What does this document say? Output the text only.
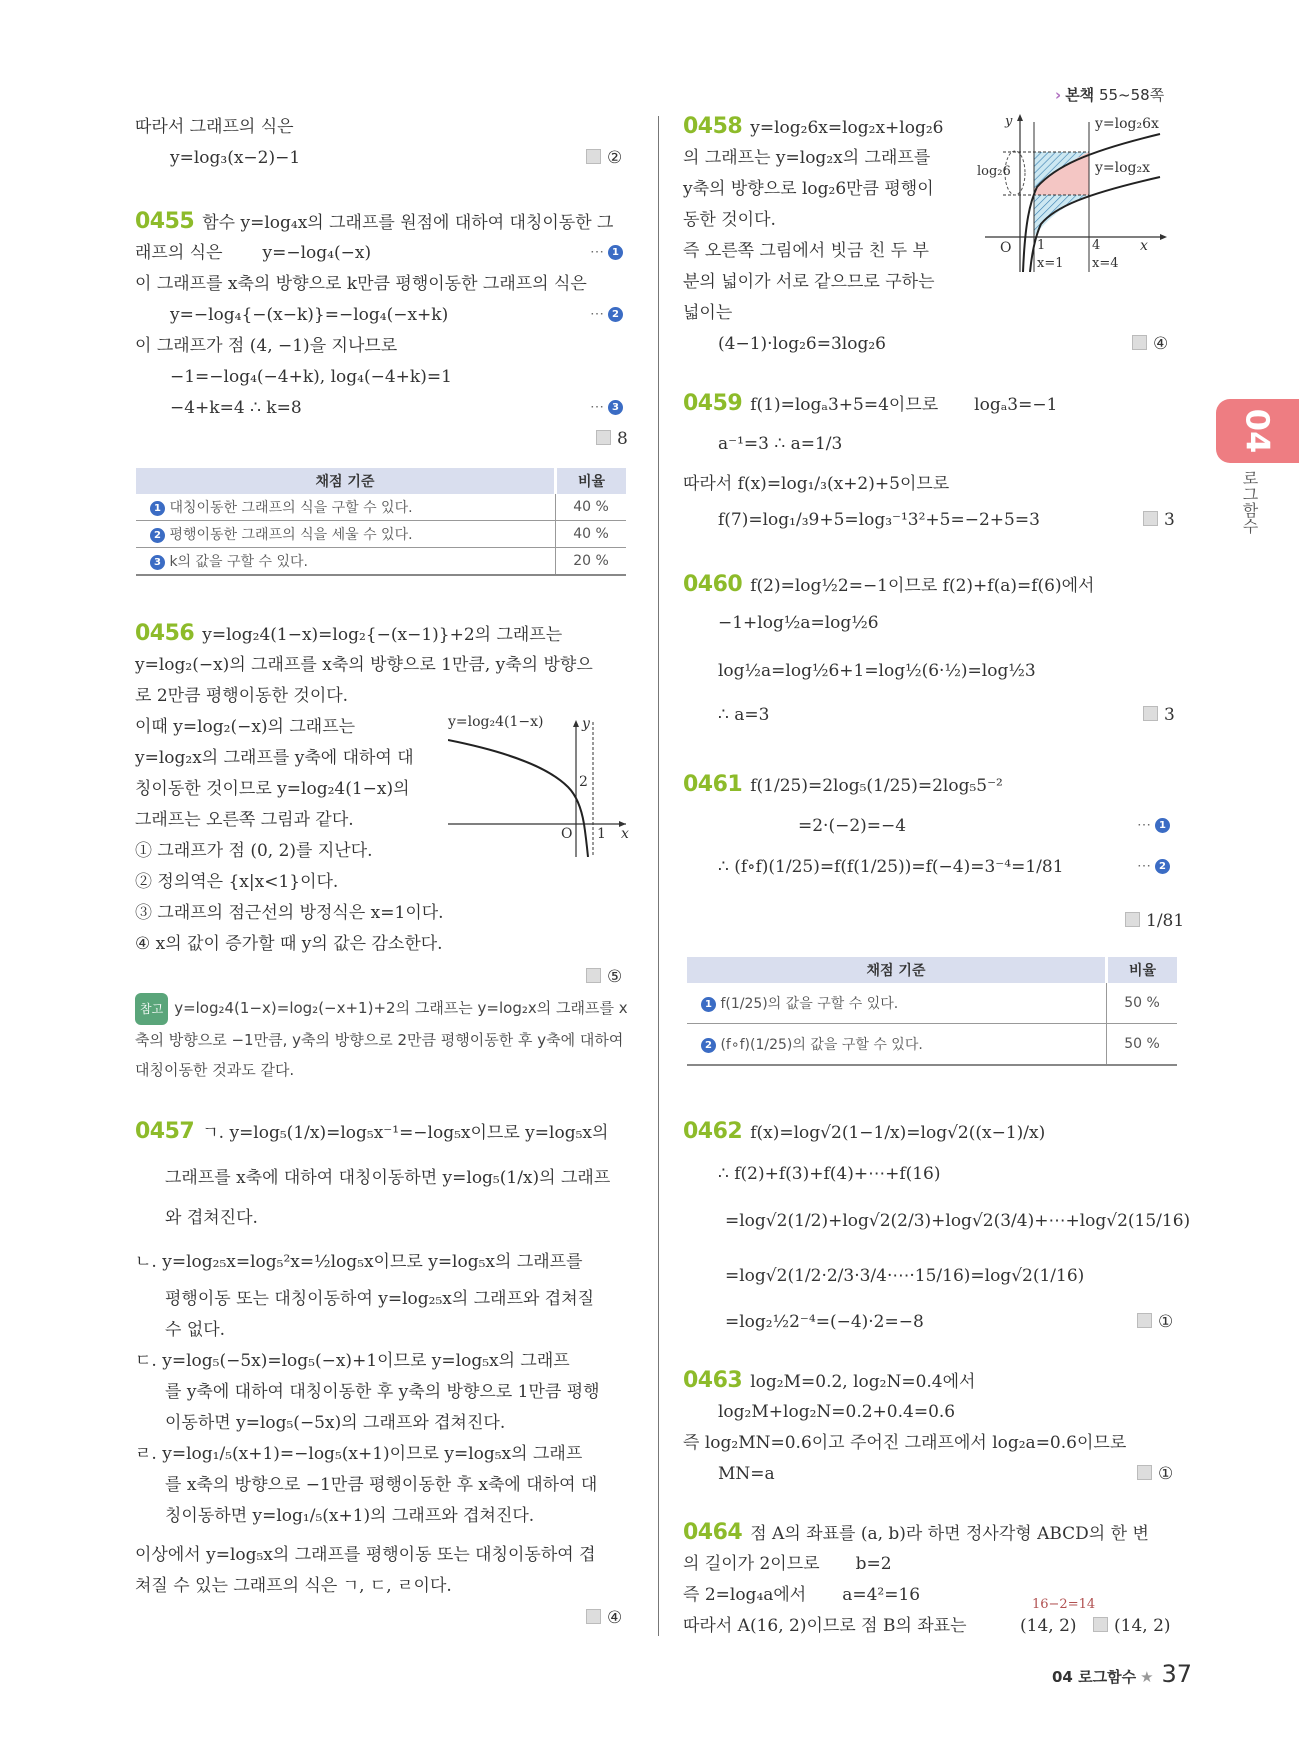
› 본책 55~58쪽
04
로그함수
따라서 그래프의 식은
y=log₃(x−2)−1	②
0455 함수 y=log₄x의 그래프를 원점에 대하여 대칭이동한 그
래프의 식은 y=−log₄(−x)	⋯ 1
이 그래프를 x축의 방향으로 k만큼 평행이동한 그래프의 식은
y=−log₄{−(x−k)}=−log₄(−x+k)	⋯ 2
이 그래프가 점 (4, −1)을 지나므로
−1=−log₄(−4+k), log₄(−4+k)=1
−4+k=4 ∴ k=8	⋯ 3
8
채점 기준	비율
1 대칭이동한 그래프의 식을 구할 수 있다.	40 %
2 평행이동한 그래프의 식을 세울 수 있다.	40 %
3 k의 값을 구할 수 있다.	20 %
0456 y=log₂4(1−x)=log₂{−(x−1)}+2의 그래프는
y=log₂(−x)의 그래프를 x축의 방향으로 1만큼, y축의 방향으
로 2만큼 평행이동한 것이다.
이때 y=log₂(−x)의 그래프는
y=log₂x의 그래프를 y축에 대하여 대
칭이동한 것이므로 y=log₂4(1−x)의
그래프는 오른쪽 그림과 같다.
① 그래프가 점 (0, 2)를 지난다.
② 정의역은 {x|x<1}이다.
③ 그래프의 점근선의 방정식은 x=1이다.
④ x의 값이 증가할 때 y의 값은 감소한다.
⑤
y=log₂4(1−x)	y
2
O 1 x
참고 y=log₂4(1−x)=log₂(−x+1)+2의 그래프는 y=log₂x의 그래프를 x축의 방향으로 −1만큼, y축의 방향으로 2만큼 평행이동한 후 y축에 대하여 대칭이동한 것과도 같다.
0457 ㄱ. y=log₅(1/x)=log₅x⁻¹=−log₅x이므로 y=log₅x의
그래프를 x축에 대하여 대칭이동하면 y=log₅(1/x)의 그래프
와 겹쳐진다.
ㄴ. y=log₂₅x=log₅²x=½log₅x이므로 y=log₅x의 그래프를
평행이동 또는 대칭이동하여 y=log₂₅x의 그래프와 겹쳐질
수 없다.
ㄷ. y=log₅(−5x)=log₅(−x)+1이므로 y=log₅x의 그래프
를 y축에 대하여 대칭이동한 후 y축의 방향으로 1만큼 평행
이동하면 y=log₅(−5x)의 그래프와 겹쳐진다.
ㄹ. y=log₁/₅(x+1)=−log₅(x+1)이므로 y=log₅x의 그래프
를 x축의 방향으로 −1만큼 평행이동한 후 x축에 대하여 대
칭이동하면 y=log₁/₅(x+1)의 그래프와 겹쳐진다.
이상에서 y=log₅x의 그래프를 평행이동 또는 대칭이동하여 겹
쳐질 수 있는 그래프의 식은 ㄱ, ㄷ, ㄹ이다.
④
0458 y=log₂6x=log₂x+log₂6
의 그래프는 y=log₂x의 그래프를
y축의 방향으로 log₂6만큼 평행이
동한 것이다.
즉 오른쪽 그림에서 빗금 친 두 부
분의 넓이가 서로 같으므로 구하는
넓이는
(4−1)·log₂6=3log₂6	④
y=log₂6x
y=log₂x
log₂6
y
O 1	4	x
x=1 x=4
0459 f(1)=logₐ3+5=4이므로 logₐ3=−1
a⁻¹=3 ∴ a=1/3
따라서 f(x)=log₁/₃(x+2)+5이므로
f(7)=log₁/₃9+5=log₃⁻¹3²+5=−2+5=3	3
0460 f(2)=log½2=−1이므로 f(2)+f(a)=f(6)에서
−1+log½a=log½6
log½a=log½6+1=log½(6·½)=log½3
∴ a=3	3
0461 f(1/25)=2log₅(1/25)=2log₅5⁻²
=2·(−2)=−4	⋯ 1
∴ (f∘f)(1/25)=f(f(1/25))=f(−4)=3⁻⁴=1/81	⋯ 2
1/81
채점 기준	비율
1 f(1/25)의 값을 구할 수 있다.	50 %
2 (f∘f)(1/25)의 값을 구할 수 있다.	50 %
0462 f(x)=log√2(1−1/x)=log√2((x−1)/x)
∴ f(2)+f(3)+f(4)+⋯+f(16)
=log√2(1/2)+log√2(2/3)+log√2(3/4)+⋯+log√2(15/16)
=log√2(1/2·2/3·3/4·⋯·15/16)=log√2(1/16)
=log₂½2⁻⁴=(−4)·2=−8	①
0463 log₂M=0.2, log₂N=0.4에서
log₂M+log₂N=0.2+0.4=0.6
즉 log₂MN=0.6이고 주어진 그래프에서 log₂a=0.6이므로
MN=a	①
0464 점 A의 좌표를 (a, b)라 하면 정사각형 ABCD의 한 변
의 길이가 2이므로 b=2
즉 2=log₄a에서 a=4²=16
따라서 A(16, 2)이므로 점 B의 좌표는
16−2=14
(14, 2)	(14, 2)
04 로그함수 ★ 37
